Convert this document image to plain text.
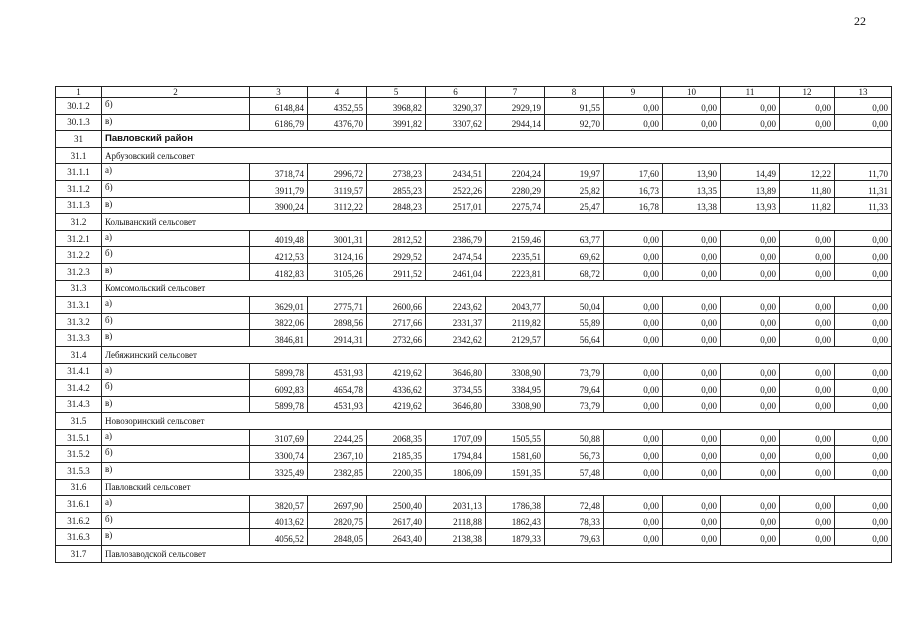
22
1	2	3	4	5	6	7	8	9	10	11	12	13
30.1.2	б)	6148,84	4352,55	3968,82	3290,37	2929,19	91,55	0,00	0,00	0,00	0,00	0,00
30.1.3	в)	6186,79	4376,70	3991,82	3307,62	2944,14	92,70	0,00	0,00	0,00	0,00	0,00
31	Павловский район											
31.1	Арбузовский сельсовет											
31.1.1	а)	3718,74	2996,72	2738,23	2434,51	2204,24	19,97	17,60	13,90	14,49	12,22	11,70
31.1.2	б)	3911,79	3119,57	2855,23	2522,26	2280,29	25,82	16,73	13,35	13,89	11,80	11,31
31.1.3	в)	3900,24	3112,22	2848,23	2517,01	2275,74	25,47	16,78	13,38	13,93	11,82	11,33
31.2	Колыванский сельсовет											
31.2.1	а)	4019,48	3001,31	2812,52	2386,79	2159,46	63,77	0,00	0,00	0,00	0,00	0,00
31.2.2	б)	4212,53	3124,16	2929,52	2474,54	2235,51	69,62	0,00	0,00	0,00	0,00	0,00
31.2.3	в)	4182,83	3105,26	2911,52	2461,04	2223,81	68,72	0,00	0,00	0,00	0,00	0,00
31.3	Комсомольский сельсовет											
31.3.1	а)	3629,01	2775,71	2600,66	2243,62	2043,77	50,04	0,00	0,00	0,00	0,00	0,00
31.3.2	б)	3822,06	2898,56	2717,66	2331,37	2119,82	55,89	0,00	0,00	0,00	0,00	0,00
31.3.3	в)	3846,81	2914,31	2732,66	2342,62	2129,57	56,64	0,00	0,00	0,00	0,00	0,00
31.4	Лебяжинский сельсовет											
31.4.1	а)	5899,78	4531,93	4219,62	3646,80	3308,90	73,79	0,00	0,00	0,00	0,00	0,00
31.4.2	б)	6092,83	4654,78	4336,62	3734,55	3384,95	79,64	0,00	0,00	0,00	0,00	0,00
31.4.3	в)	5899,78	4531,93	4219,62	3646,80	3308,90	73,79	0,00	0,00	0,00	0,00	0,00
31.5	Новозоринский сельсовет											
31.5.1	а)	3107,69	2244,25	2068,35	1707,09	1505,55	50,88	0,00	0,00	0,00	0,00	0,00
31.5.2	б)	3300,74	2367,10	2185,35	1794,84	1581,60	56,73	0,00	0,00	0,00	0,00	0,00
31.5.3	в)	3325,49	2382,85	2200,35	1806,09	1591,35	57,48	0,00	0,00	0,00	0,00	0,00
31.6	Павловский сельсовет											
31.6.1	а)	3820,57	2697,90	2500,40	2031,13	1786,38	72,48	0,00	0,00	0,00	0,00	0,00
31.6.2	б)	4013,62	2820,75	2617,40	2118,88	1862,43	78,33	0,00	0,00	0,00	0,00	0,00
31.6.3	в)	4056,52	2848,05	2643,40	2138,38	1879,33	79,63	0,00	0,00	0,00	0,00	0,00
31.7	Павлозаводской сельсовет											
